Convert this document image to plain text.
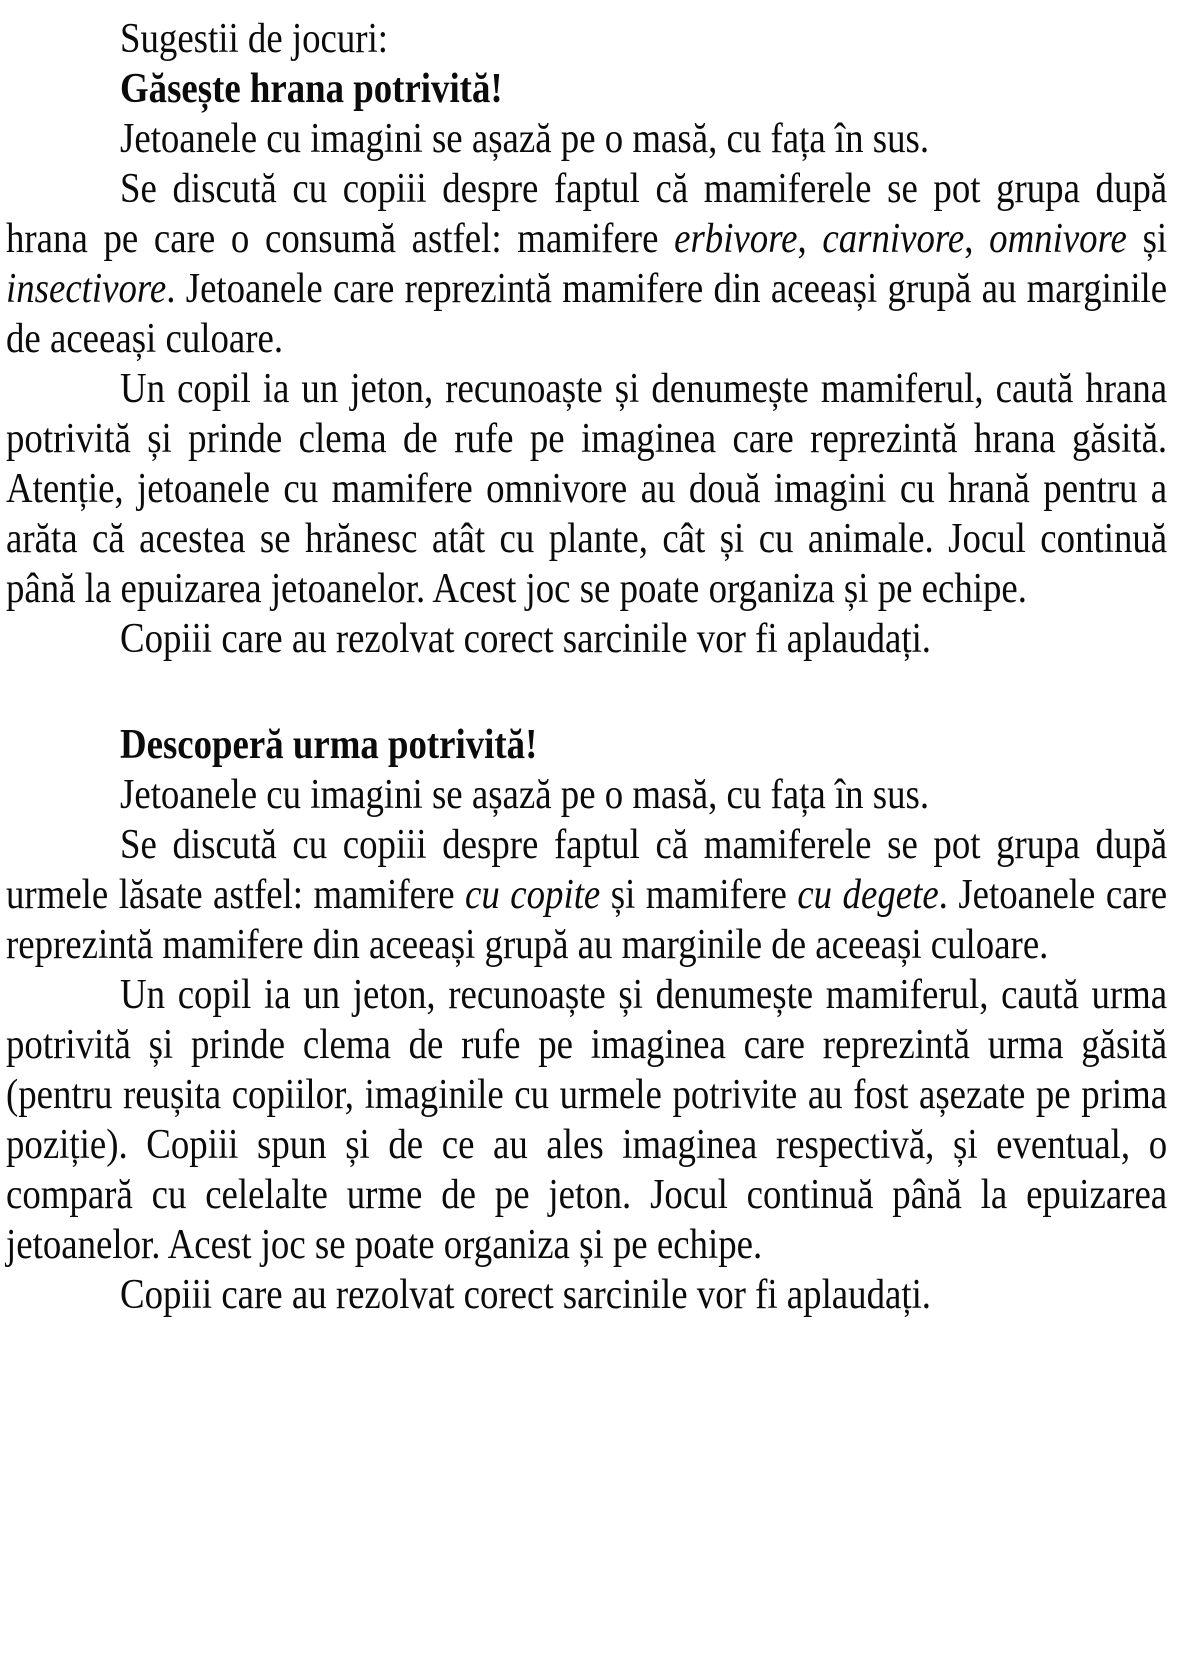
Sugestii de jocuri:

Găsește hrana potrivită!

Jetoanele cu imagini se așază pe o masă, cu fața în sus.

Se discută cu copiii despre faptul că mamiferele se pot grupa după hrana pe care o consumă astfel: mamifere erbivore, carnivore, omnivore și insectivore. Jetoanele care reprezintă mamifere din aceeași grupă au marginile de aceeași culoare.

Un copil ia un jeton, recunoaște și denumește mamiferul, caută hrana potrivită și prinde clema de rufe pe imaginea care reprezintă hrana găsită. Atenție, jetoanele cu mamifere omnivore au două imagini cu hrană pentru a arăta că acestea se hrănesc atât cu plante, cât și cu animale. Jocul continuă până la epuizarea jetoanelor. Acest joc se poate organiza și pe echipe.

Copiii care au rezolvat corect sarcinile vor fi aplaudați.

Descoperă urma potrivită!

Jetoanele cu imagini se așază pe o masă, cu fața în sus.

Se discută cu copiii despre faptul că mamiferele se pot grupa după urmele lăsate astfel: mamifere cu copite și mamifere cu degete. Jetoanele care reprezintă mamifere din aceeași grupă au marginile de aceeași culoare.

Un copil ia un jeton, recunoaște și denumește mamiferul, caută urma potrivită și prinde clema de rufe pe imaginea care reprezintă urma găsită (pentru reușita copiilor, imaginile cu urmele potrivite au fost așezate pe prima poziție). Copiii spun și de ce au ales imaginea respectivă, și eventual, o compară cu celelalte urme de pe jeton. Jocul continuă până la epuizarea jetoanelor. Acest joc se poate organiza și pe echipe.

Copiii care au rezolvat corect sarcinile vor fi aplaudați.
